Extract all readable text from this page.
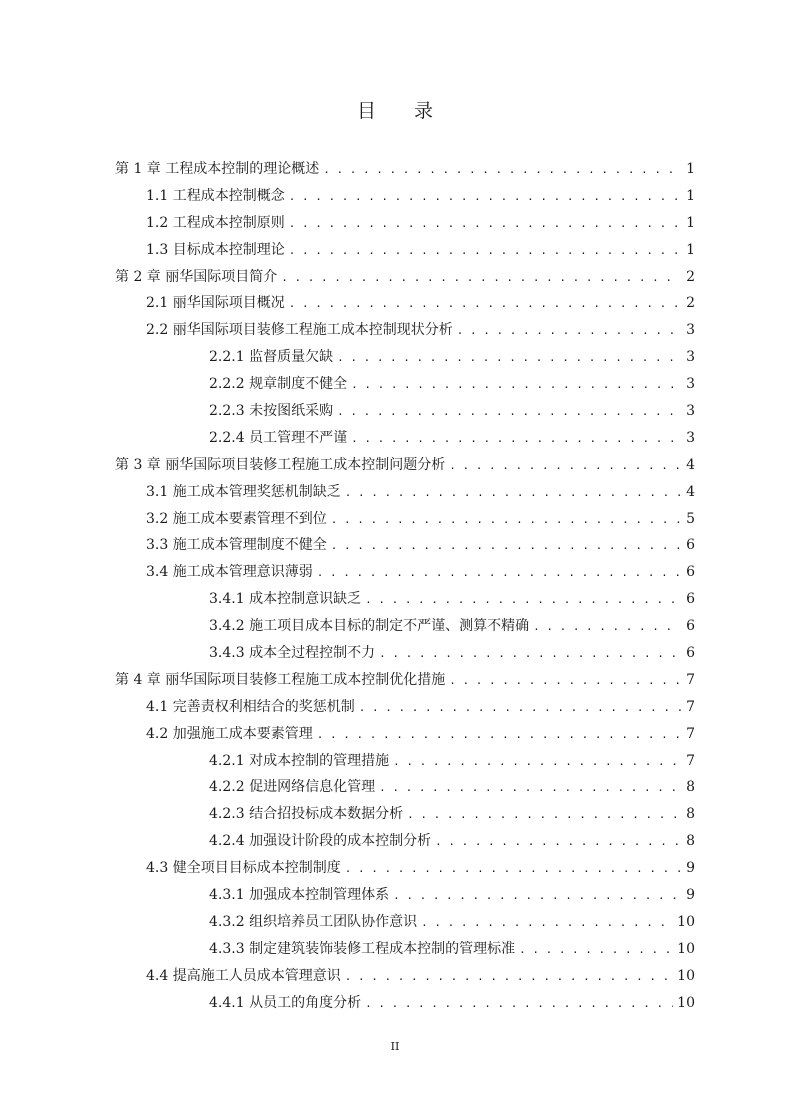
目 录
第 1 章 工程成本控制的理论概述 . . .	1
1.1 工程成本控制概念 . . .	1
1.2 工程成本控制原则 . . .	1
1.3 目标成本控制理论 . . .	1
第 2 章 丽华国际项目简介 . . .	2
2.1 丽华国际项目概况 . . .	2
2.2 丽华国际项目装修工程施工成本控制现状分析 . . .	3
2.2.1 监督质量欠缺 . . .	3
2.2.2 规章制度不健全 . . .	3
2.2.3 未按图纸采购 . . .	3
2.2.4 员工管理不严谨 . . .	3
第 3 章 丽华国际项目装修工程施工成本控制问题分析 . . .	4
3.1 施工成本管理奖惩机制缺乏 . . .	4
3.2 施工成本要素管理不到位 . . .	5
3.3 施工成本管理制度不健全 . . .	6
3.4 施工成本管理意识薄弱 . . .	6
3.4.1 成本控制意识缺乏 . . .	6
3.4.2 施工项目成本目标的制定不严谨、测算不精确 . . .	6
3.4.3 成本全过程控制不力 . . .	6
第 4 章 丽华国际项目装修工程施工成本控制优化措施 . . .	7
4.1 完善责权利相结合的奖惩机制 . . .	7
4.2 加强施工成本要素管理 . . .	7
4.2.1 对成本控制的管理措施 . . .	7
4.2.2 促进网络信息化管理 . . .	8
4.2.3 结合招投标成本数据分析 . . .	8
4.2.4 加强设计阶段的成本控制分析 . . .	8
4.3 健全项目目标成本控制制度 . . .	9
4.3.1 加强成本控制管理体系 . . .	9
4.3.2 组织培养员工团队协作意识 . . .	10
4.3.3 制定建筑装饰装修工程成本控制的管理标准 . . .	10
4.4 提高施工人员成本管理意识 . . .	10
4.4.1 从员工的角度分析 . . .	10
II
